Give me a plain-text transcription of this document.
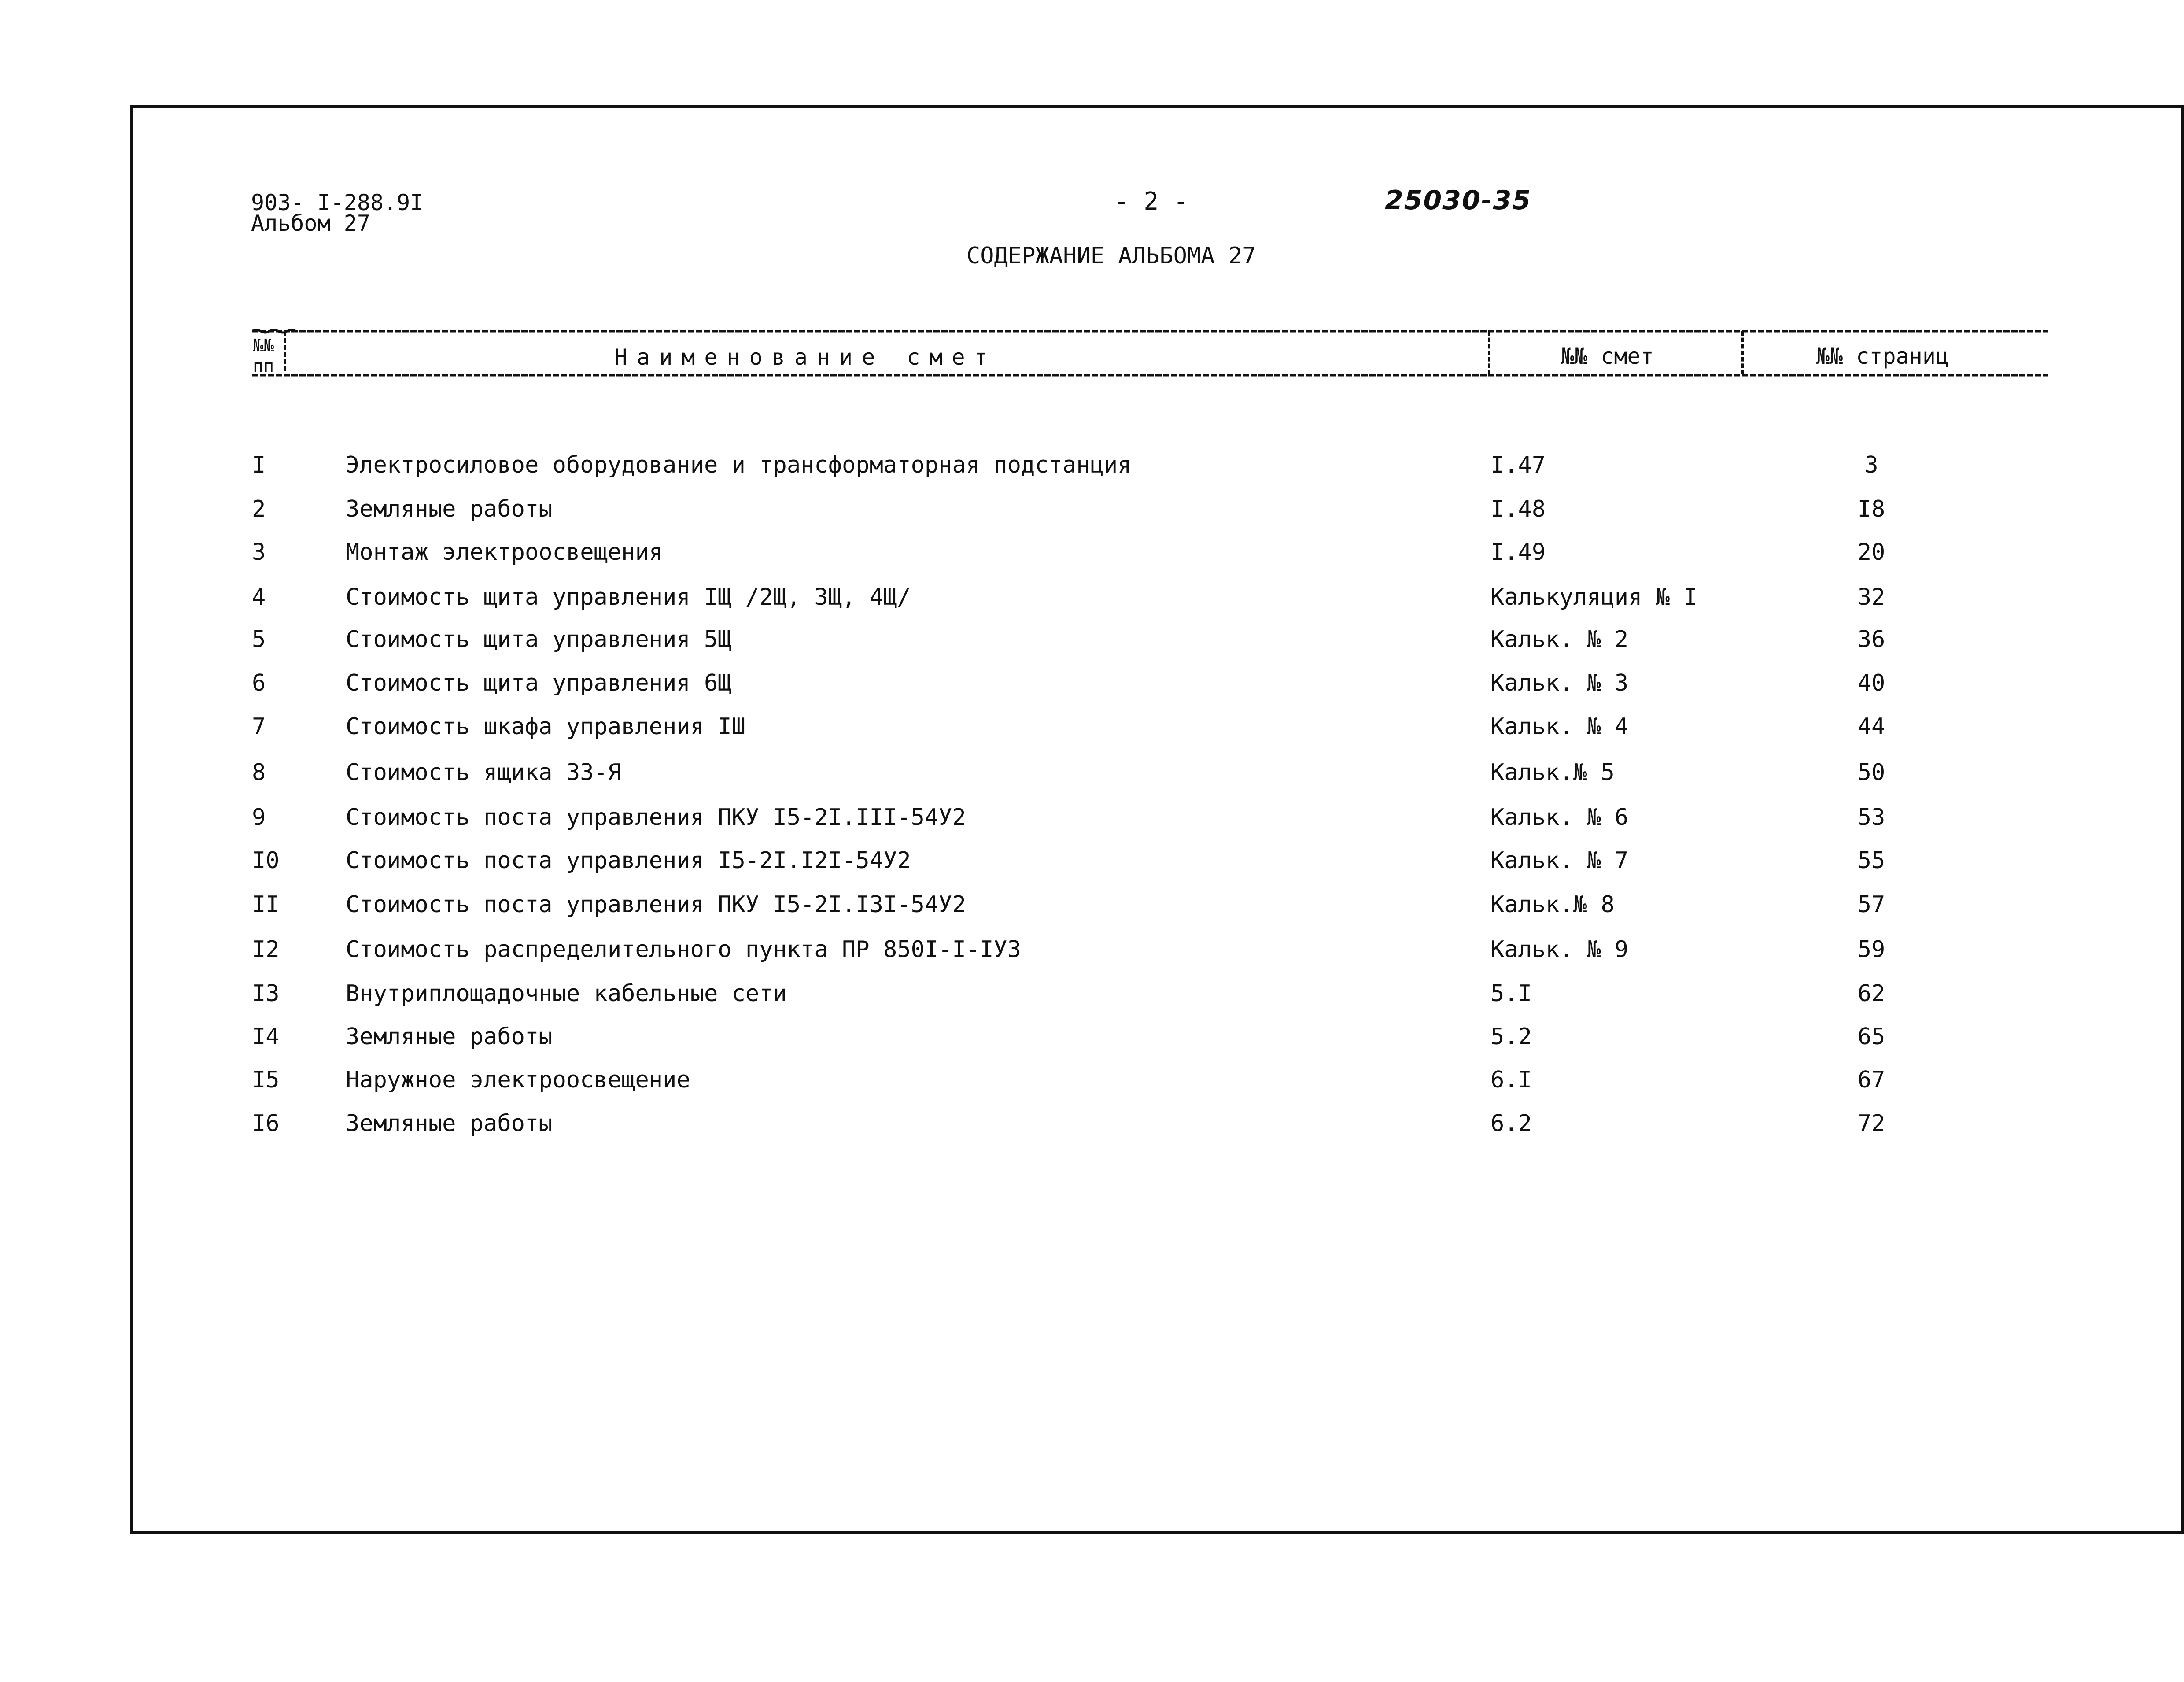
903- I-288.9I
Альбом 27
- 2 -	25030-35
СОДЕРЖАНИЕ АЛЬБОМА 27
№№
пп	Наименование смет	№№ смет	№№ страниц
I	Электросиловое оборудование и трансформаторная подстанция	I.47	3
2	Земляные работы	I.48	I8
3	Монтаж электроосвещения	I.49	20
4	Стоимость щита управления IЩ /2Щ, 3Щ, 4Щ/	Калькуляция № I	32
5	Стоимость щита управления 5Щ	Кальк. № 2	36
6	Стоимость щита управления 6Щ	Кальк. № 3	40
7	Стоимость шкафа управления IШ	Кальк. № 4	44
8	Стоимость ящика 33-Я	Кальк.№ 5	50
9	Стоимость поста управления ПКУ I5-2I.III-54У2	Кальк. № 6	53
I0	Стоимость поста управления I5-2I.I2I-54У2	Кальк. № 7	55
II	Стоимость поста управления ПКУ I5-2I.I3I-54У2	Кальк.№ 8	57
I2	Стоимость распределительного пункта ПР 850I-I-IУ3	Кальк. № 9	59
I3	Внутриплощадочные кабельные сети	5.I	62
I4	Земляные работы	5.2	65
I5	Наружное электроосвещение	6.I	67
I6	Земляные работы	6.2	72
